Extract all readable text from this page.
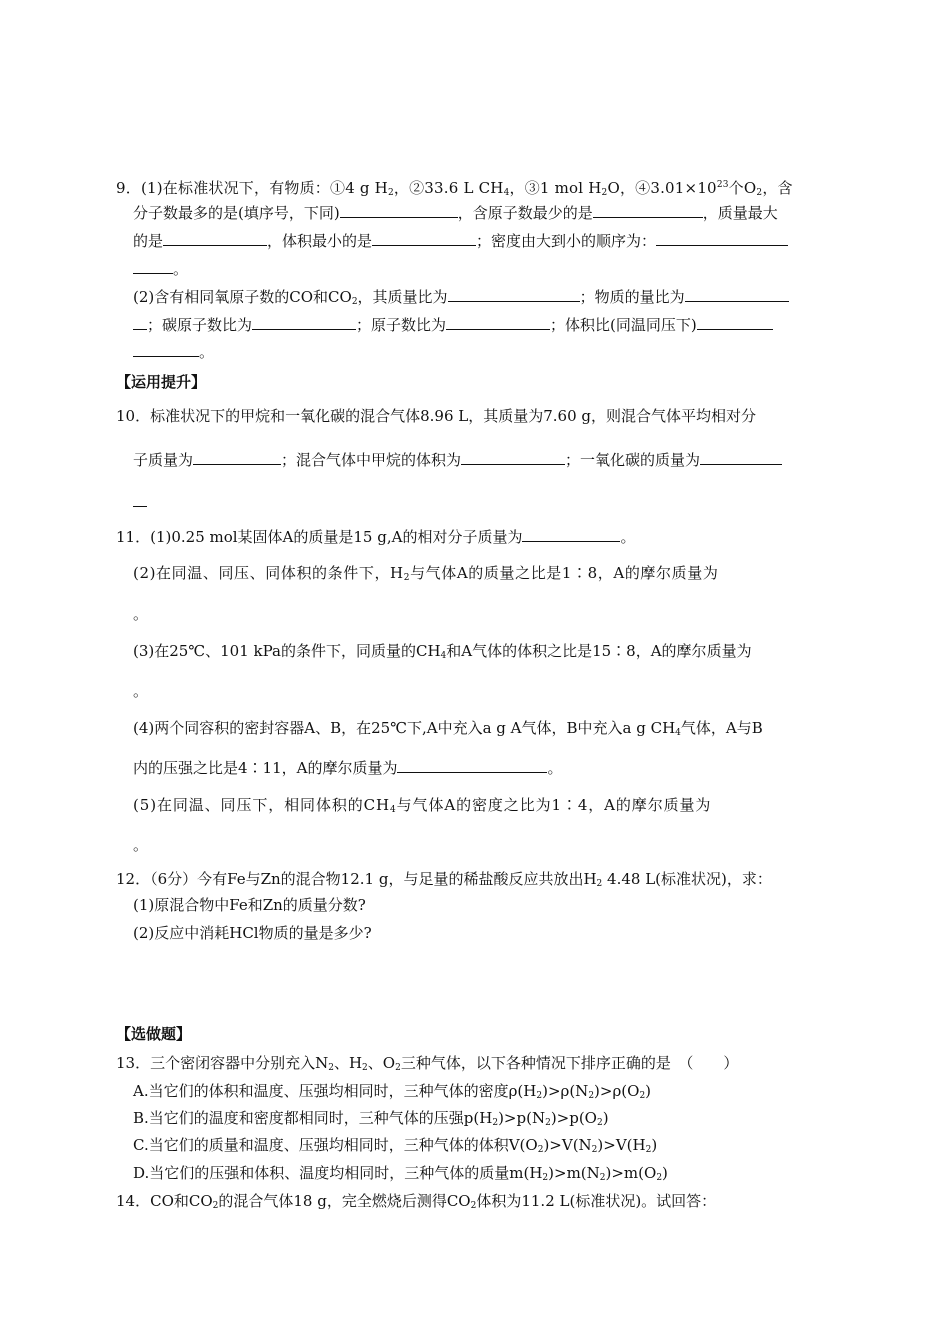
9．(1)在标准状况下，有物质：①4 g $H_2$，②33.6 L $CH_4$，③1 mol $H_2O$，$④3.01\times 10^{23}$个$O_2$，含
分子数最多的是(填序号，下同)	，含原子数最少的是	，质量最大
的是	，体积最小的是	；密度由大到小的顺序为：
。
(2)含有相同氧原子数的CO和$CO_2$，其质量比为	；物质的量比为
；碳原子数比为	；原子数比为	；体积比(同温同压下)
。
【运用提升】
10．标准状况下的甲烷和一氧化碳的混合气体8.96 L，其质量为7.60 g，则混合气体平均相对分
子质量为	；混合气体中甲烷的体积为	；一氧化碳的质量为
11．(1)0.25 mol某固体A的质量是15 g,A的相对分子质量为	。
(2)在同温、同压、同体积的条件下，$H_2$与气体A的质量之比是1∶8，A的摩尔质量为
。
(3)在25℃、101 kPa的条件下，同质量的$CH_4$和A气体的体积之比是15∶8，A的摩尔质量为
。
(4)两个同容积的密封容器A、B，在25℃下,A中充入a g A气体，B中充入a g $CH_4$气体，A与B
内的压强之比是4∶11，A的摩尔质量为	。
(5)在同温、同压下，相同体积的$CH_4$与气体A的密度之比为1∶4，A的摩尔质量为
。
12．（6分）今有Fe与Zn的混合物12.1 g，与足量的稀盐酸反应共放出$H_2$ 4.48 L(标准状况)，求：
(1)原混合物中Fe和Zn的质量分数?
(2)反应中消耗HCl物质的量是多少?
【选做题】
13．三个密闭容器中分别充入$N_2$、$H_2$、$O_2$三种气体，以下各种情况下排序正确的是　（　　）
A.当它们的体积和温度、压强均相同时，三种气体的密度$\rho(H_2)>\rho(N_2)>\rho(O_2)$
B.当它们的温度和密度都相同时，三种气体的压强$p(H_2)>p(N_2)>p(O_2)$
C.当它们的质量和温度、压强均相同时，三种气体的体积$V(O_2)>V(N_2)>V(H_2)$
D.当它们的压强和体积、温度均相同时，三种气体的质量$m(H_2)>m(N_2)>m(O_2)$
14．CO和$CO_2$的混合气体18 g，完全燃烧后测得$CO_2$体积为11.2 L(标准状况)。试回答：
